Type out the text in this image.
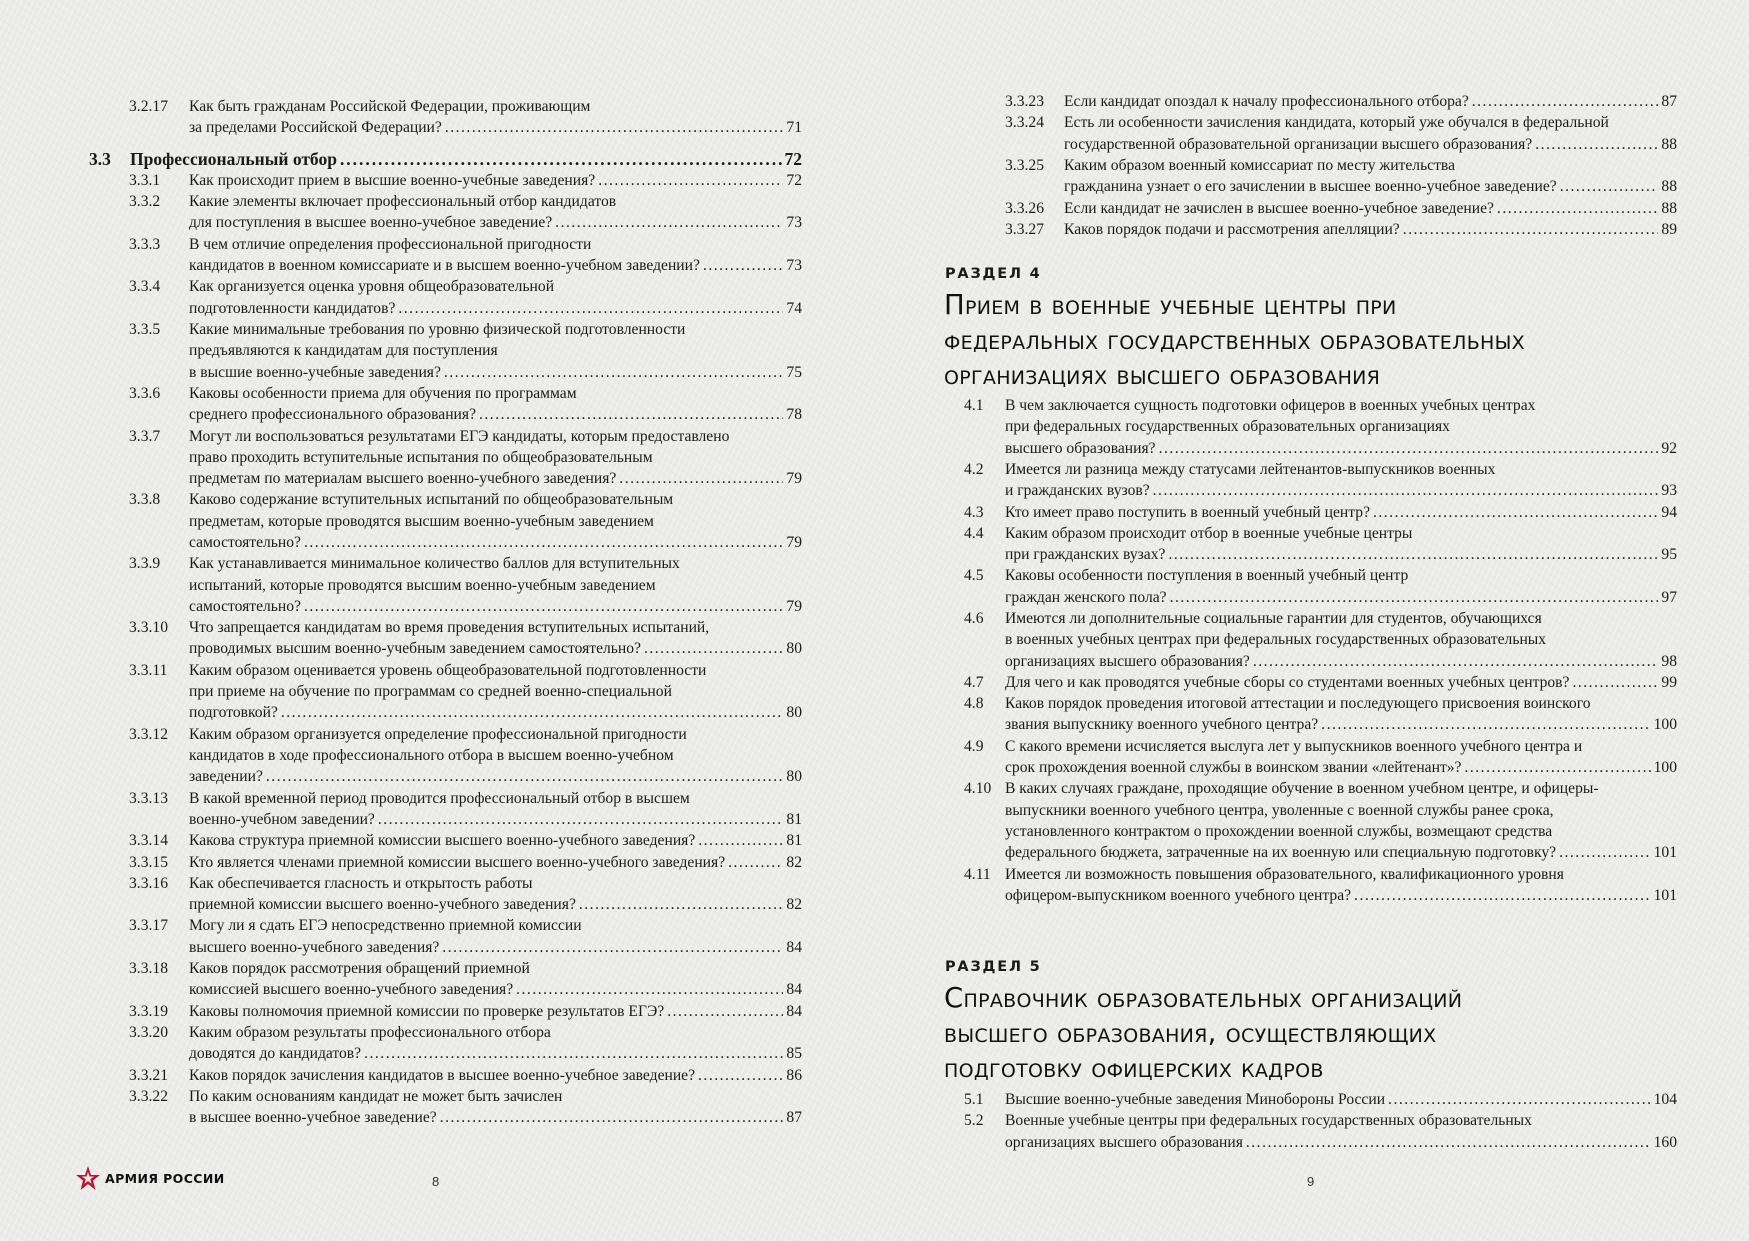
АРМИЯ РОССИИ	8
3.2.17 Как быть гражданам Российской Федерации, проживающим
за пределами Российской Федерации? . . .	71
3.3 Профессиональный отбор . . .	72
3.3.1 Как происходит прием в высшие военно-учебные заведения? . . .	72
3.3.2 Какие элементы включает профессиональный отбор кандидатов
для поступления в высшее военно-учебное заведение? . . .	73
3.3.3 В чем отличие определения профессиональной пригодности
кандидатов в военном комиссариате и в высшем военно-учебном заведении? . . .	73
3.3.4 Как организуется оценка уровня общеобразовательной
подготовленности кандидатов? . . .	74
3.3.5 Какие минимальные требования по уровню физической подготовленности
предъявляются к кандидатам для поступления
в высшие военно-учебные заведения? . . .	75
3.3.6 Каковы особенности приема для обучения по программам
среднего профессионального образования? . . .	78
3.3.7 Могут ли воспользоваться результатами ЕГЭ кандидаты, которым предоставлено
право проходить вступительные испытания по общеобразовательным
предметам по материалам высшего военно-учебного заведения? . . .	79
3.3.8 Каково содержание вступительных испытаний по общеобразовательным
предметам, которые проводятся высшим военно-учебным заведением
самостоятельно? . . .	79
3.3.9 Как устанавливается минимальное количество баллов для вступительных
испытаний, которые проводятся высшим военно-учебным заведением
самостоятельно? . . .	79
3.3.10 Что запрещается кандидатам во время проведения вступительных испытаний,
проводимых высшим военно-учебным заведением самостоятельно? . . .	80
3.3.11 Каким образом оценивается уровень общеобразовательной подготовленности
при приеме на обучение по программам со средней военно-специальной
подготовкой? . . .	80
3.3.12 Каким образом организуется определение профессиональной пригодности
кандидатов в ходе профессионального отбора в высшем военно-учебном
заведении? . . .	80
3.3.13 В какой временной период проводится профессиональный отбор в высшем
военно-учебном заведении? . . .	81
3.3.14 Какова структура приемной комиссии высшего военно-учебного заведения? . . .	81
3.3.15 Кто является членами приемной комиссии высшего военно-учебного заведения? . . .	82
3.3.16 Как обеспечивается гласность и открытость работы
приемной комиссии высшего военно-учебного заведения? . . .	82
3.3.17 Могу ли я сдать ЕГЭ непосредственно приемной комиссии
высшего военно-учебного заведения? . . .	84
3.3.18 Каков порядок рассмотрения обращений приемной
комиссией высшего военно-учебного заведения? . . .	84
3.3.19 Каковы полномочия приемной комиссии по проверке результатов ЕГЭ? . . .	84
3.3.20 Каким образом результаты профессионального отбора
доводятся до кандидатов? . . .	85
3.3.21 Каков порядок зачисления кандидатов в высшее военно-учебное заведение? . . .	86
3.3.22 По каким основаниям кандидат не может быть зачислен
в высшее военно-учебное заведение? . . .	87
РАЗДЕЛ 4
Прием в военные учебные центры при
федеральных государственных образовательных
организациях высшего образования
РАЗДЕЛ 5
Справочник образовательных организаций
высшего образования, осуществляющих
подготовку офицерских кадров
9
3.3.23 Если кандидат опоздал к началу профессионального отбора? . . .	87
3.3.24 Есть ли особенности зачисления кандидата, который уже обучался в федеральной
государственной образовательной организации высшего образования? . . .	88
3.3.25 Каким образом военный комиссариат по месту жительства
гражданина узнает о его зачислении в высшее военно-учебное заведение? . . .	88
3.3.26 Если кандидат не зачислен в высшее военно-учебное заведение? . . .	88
3.3.27 Каков порядок подачи и рассмотрения апелляции? . . .	89
4.1 В чем заключается сущность подготовки офицеров в военных учебных центрах
при федеральных государственных образовательных организациях
высшего образования? . . .	92
4.2 Имеется ли разница между статусами лейтенантов-выпускников военных
и гражданских вузов? . . .	93
4.3 Кто имеет право поступить в военный учебный центр? . . .	94
4.4 Каким образом происходит отбор в военные учебные центры
при гражданских вузах? . . .	95
4.5 Каковы особенности поступления в военный учебный центр
граждан женского пола? . . .	97
4.6 Имеются ли дополнительные социальные гарантии для студентов, обучающихся
в военных учебных центрах при федеральных государственных образовательных
организациях высшего образования? . . .	98
4.7 Для чего и как проводятся учебные сборы со студентами военных учебных центров? . . .	99
4.8 Каков порядок проведения итоговой аттестации и последующего присвоения воинского
звания выпускнику военного учебного центра? . . .	100
4.9 С какого времени исчисляется выслуга лет у выпускников военного учебного центра и
срок прохождения военной службы в воинском звании «лейтенант»? . . .	100
4.10 В каких случаях граждане, проходящие обучение в военном учебном центре, и офицеры-
выпускники военного учебного центра, уволенные с военной службы ранее срока,
установленного контрактом о прохождении военной службы, возмещают средства
федерального бюджета, затраченные на их военную или специальную подготовку? . . .	101
4.11 Имеется ли возможность повышения образовательного, квалификационного уровня
офицером-выпускником военного учебного центра? . . .	101
5.1 Высшие военно-учебные заведения Минобороны России . . .	104
5.2 Военные учебные центры при федеральных государственных образовательных
организациях высшего образования . . .	160
